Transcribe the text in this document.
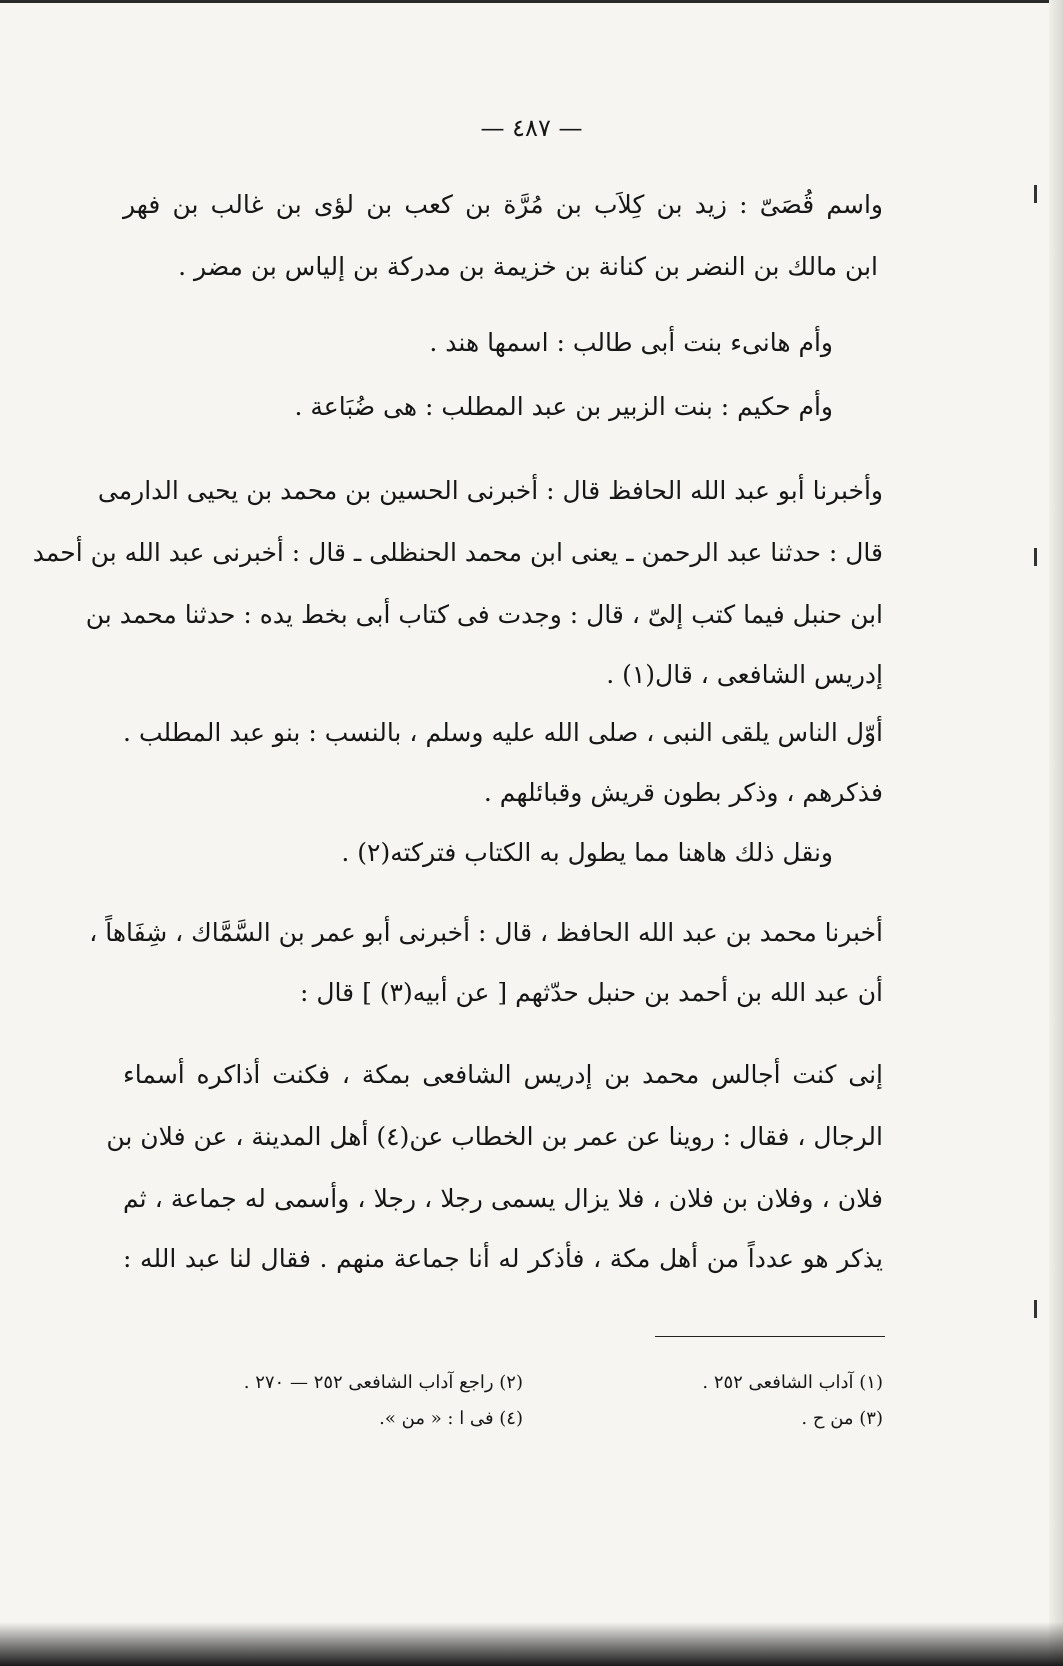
— ٤٨٧ —
واسم قُصَىّ : زيد بن كِلاَب بن مُرَّة بن كعب بن لؤى بن غالب بن فهر
ابن مالك بن النضر بن كنانة بن خزيمة بن مدركة بن إلياس بن مضر .
وأم هانىء بنت أبى طالب : اسمها هند .
وأم حكيم : بنت الزبير بن عبد المطلب : هى ضُبَاعة .
وأخبرنا أبو عبد الله الحافظ قال : أخبرنى الحسين بن محمد بن يحيى الدارمى
قال : حدثنا عبد الرحمن ـ يعنى ابن محمد الحنظلى ـ قال : أخبرنى عبد الله بن أحمد
ابن حنبل فيما كتب إلىّ ، قال : وجدت فى كتاب أبى بخط يده : حدثنا محمد بن
إدريس الشافعى ، قال(١) .
أوّل الناس يلقى النبى ، صلى الله عليه وسلم ، بالنسب : بنو عبد المطلب .
فذكرهم ، وذكر بطون قريش وقبائلهم .
ونقل ذلك هاهنا مما يطول به الكتاب فتركته(٢) .
أخبرنا محمد بن عبد الله الحافظ ، قال : أخبرنى أبو عمر بن السَّمَّاك ، شِفَاهاً ،
أن عبد الله بن أحمد بن حنبل حدّثهم [ عن أبيه(٣) ] قال :
إنى كنت أجالس محمد بن إدريس الشافعى بمكة ، فكنت أذاكره أسماء
الرجال ، فقال : روينا عن عمر بن الخطاب عن(٤) أهل المدينة ، عن فلان بن
فلان ، وفلان بن فلان ، فلا يزال يسمى رجلا ، رجلا ، وأسمى له جماعة ، ثم
يذكر هو عدداً من أهل مكة ، فأذكر له أنا جماعة منهم . فقال لنا عبد الله :
(١) آداب الشافعى ٢٥٢ .
(٢) راجع آداب الشافعى ٢٥٢ — ٢٧٠ .
(٣) من ح .
(٤) فى ا : « من ».
